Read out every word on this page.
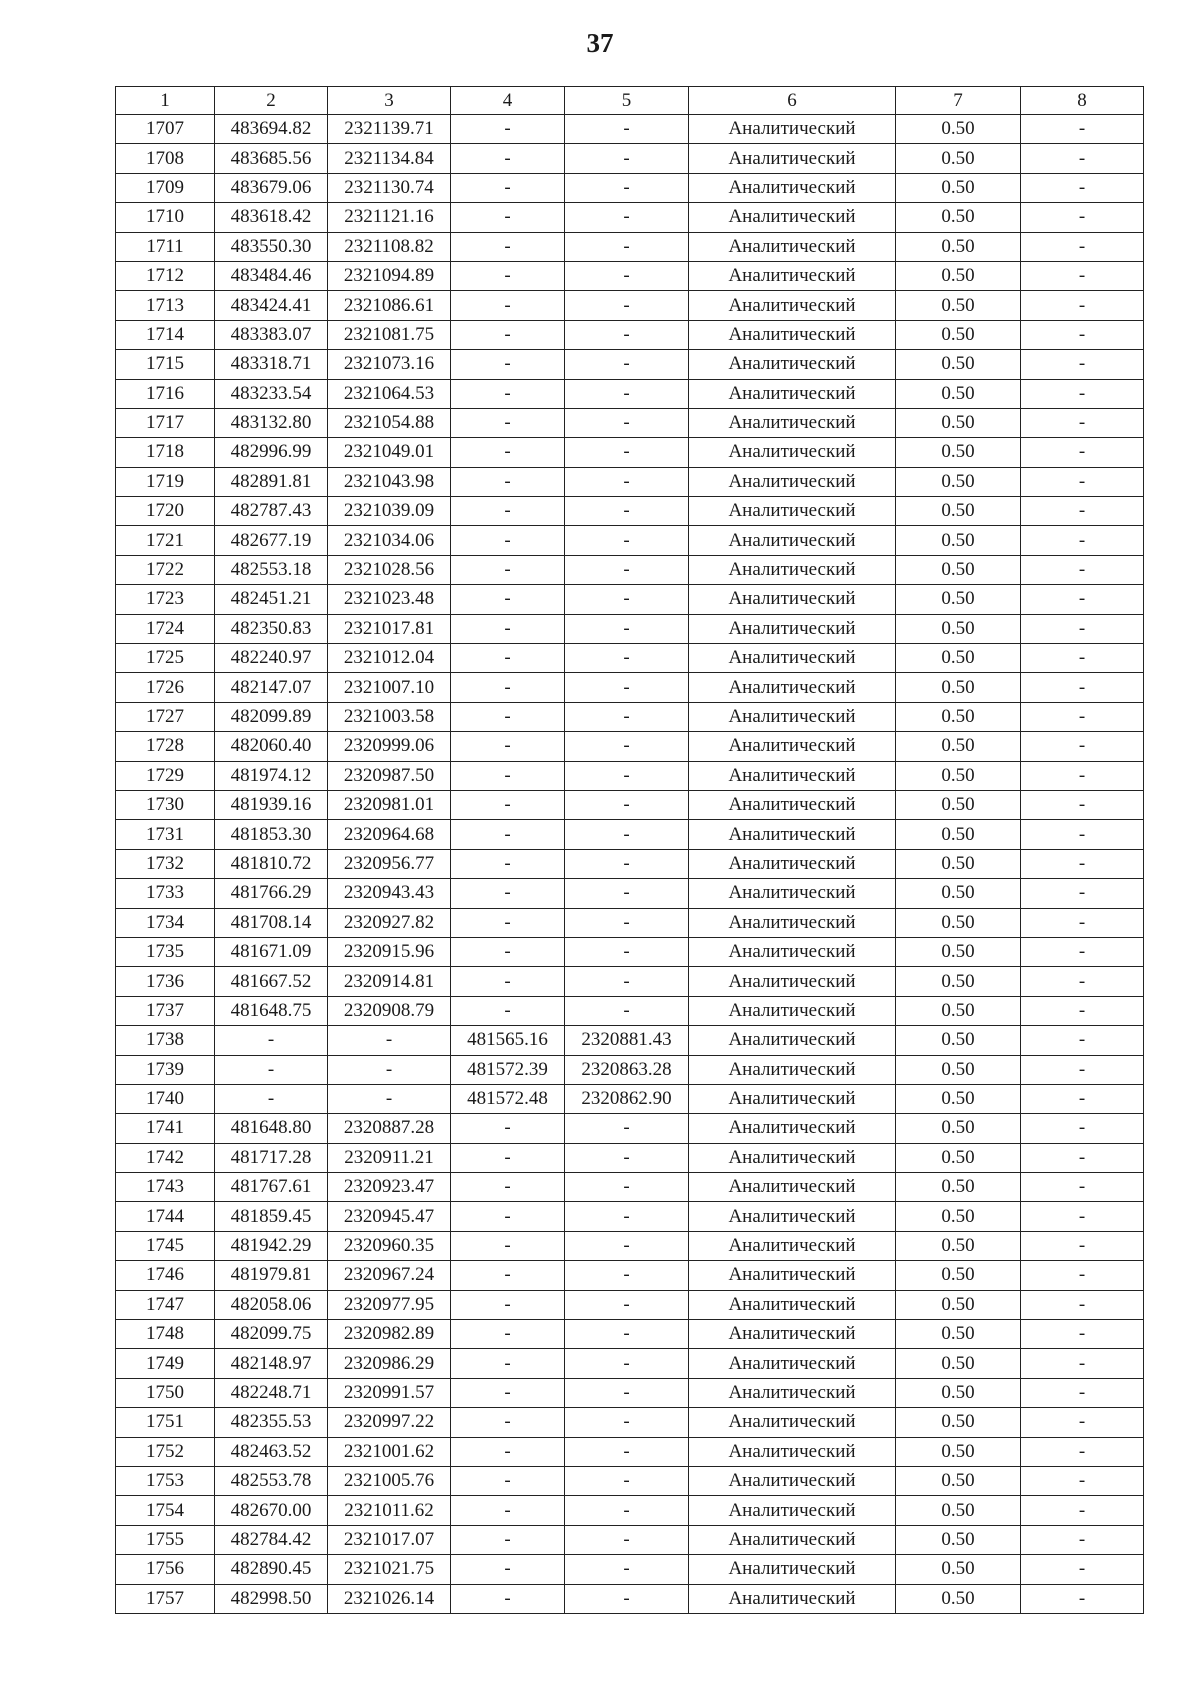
37
1	2	3	4	5	6	7	8
1707	483694.82	2321139.71	-	-	Аналитический	0.50	-
1708	483685.56	2321134.84	-	-	Аналитический	0.50	-
1709	483679.06	2321130.74	-	-	Аналитический	0.50	-
1710	483618.42	2321121.16	-	-	Аналитический	0.50	-
1711	483550.30	2321108.82	-	-	Аналитический	0.50	-
1712	483484.46	2321094.89	-	-	Аналитический	0.50	-
1713	483424.41	2321086.61	-	-	Аналитический	0.50	-
1714	483383.07	2321081.75	-	-	Аналитический	0.50	-
1715	483318.71	2321073.16	-	-	Аналитический	0.50	-
1716	483233.54	2321064.53	-	-	Аналитический	0.50	-
1717	483132.80	2321054.88	-	-	Аналитический	0.50	-
1718	482996.99	2321049.01	-	-	Аналитический	0.50	-
1719	482891.81	2321043.98	-	-	Аналитический	0.50	-
1720	482787.43	2321039.09	-	-	Аналитический	0.50	-
1721	482677.19	2321034.06	-	-	Аналитический	0.50	-
1722	482553.18	2321028.56	-	-	Аналитический	0.50	-
1723	482451.21	2321023.48	-	-	Аналитический	0.50	-
1724	482350.83	2321017.81	-	-	Аналитический	0.50	-
1725	482240.97	2321012.04	-	-	Аналитический	0.50	-
1726	482147.07	2321007.10	-	-	Аналитический	0.50	-
1727	482099.89	2321003.58	-	-	Аналитический	0.50	-
1728	482060.40	2320999.06	-	-	Аналитический	0.50	-
1729	481974.12	2320987.50	-	-	Аналитический	0.50	-
1730	481939.16	2320981.01	-	-	Аналитический	0.50	-
1731	481853.30	2320964.68	-	-	Аналитический	0.50	-
1732	481810.72	2320956.77	-	-	Аналитический	0.50	-
1733	481766.29	2320943.43	-	-	Аналитический	0.50	-
1734	481708.14	2320927.82	-	-	Аналитический	0.50	-
1735	481671.09	2320915.96	-	-	Аналитический	0.50	-
1736	481667.52	2320914.81	-	-	Аналитический	0.50	-
1737	481648.75	2320908.79	-	-	Аналитический	0.50	-
1738	-	-	481565.16	2320881.43	Аналитический	0.50	-
1739	-	-	481572.39	2320863.28	Аналитический	0.50	-
1740	-	-	481572.48	2320862.90	Аналитический	0.50	-
1741	481648.80	2320887.28	-	-	Аналитический	0.50	-
1742	481717.28	2320911.21	-	-	Аналитический	0.50	-
1743	481767.61	2320923.47	-	-	Аналитический	0.50	-
1744	481859.45	2320945.47	-	-	Аналитический	0.50	-
1745	481942.29	2320960.35	-	-	Аналитический	0.50	-
1746	481979.81	2320967.24	-	-	Аналитический	0.50	-
1747	482058.06	2320977.95	-	-	Аналитический	0.50	-
1748	482099.75	2320982.89	-	-	Аналитический	0.50	-
1749	482148.97	2320986.29	-	-	Аналитический	0.50	-
1750	482248.71	2320991.57	-	-	Аналитический	0.50	-
1751	482355.53	2320997.22	-	-	Аналитический	0.50	-
1752	482463.52	2321001.62	-	-	Аналитический	0.50	-
1753	482553.78	2321005.76	-	-	Аналитический	0.50	-
1754	482670.00	2321011.62	-	-	Аналитический	0.50	-
1755	482784.42	2321017.07	-	-	Аналитический	0.50	-
1756	482890.45	2321021.75	-	-	Аналитический	0.50	-
1757	482998.50	2321026.14	-	-	Аналитический	0.50	-
